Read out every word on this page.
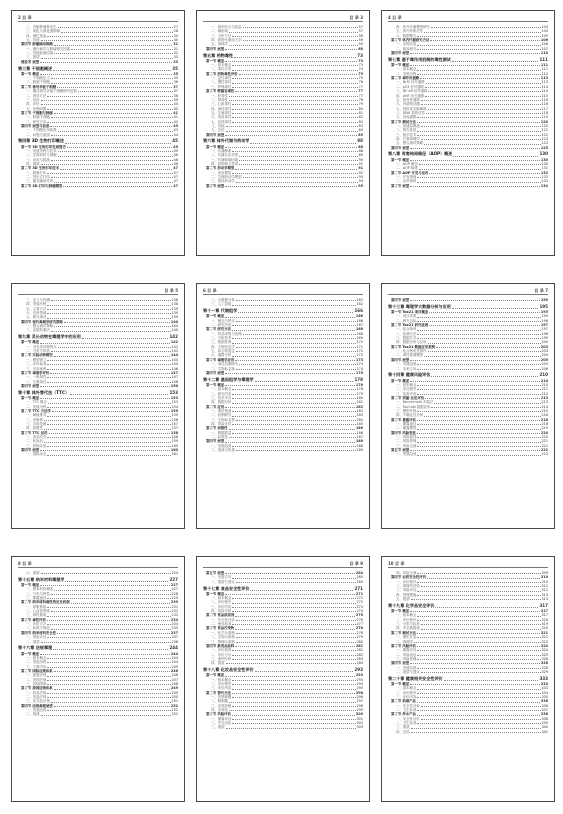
2 目 录
二、内脏肿瘤核发生	27
三、氧化与消化道肿瘤	28
四、淋巴造血	30
五、其他	30
第四节 肿瘤病因推测	31
一、流行病学与肿瘤相关因素	31
二、其他致病因素	32
三、展望	33
理论考 展望	33
第三章 干细胞概述	35
第一节 概述	35
一、干细胞定义	35
二、胚胎干细胞	36
第二节 诱导多能干细胞	37
一、概述诱导多能干细胞研究进展	37
二、诱导方法	38
三、应用	39
四、评价	40
五、伦理问题	40
第三节 干细胞与肿瘤	41
一、肿瘤干细胞	41
二、研究方向	42
第四节 展望与前景	43
一、干细胞应用前景	43
二、问题与展望	44
第四章 3D 生物打印概述	45
第一节 3D 生物打印发展简史	45
一、发展历程与技术	45
二、生物材料与细胞	46
三、应用与挑战	46
四、展望	46
第二节 3D 生物打印技术	47
一、喷墨打印	47
二、挤出式打印	47
三、激光辅助打印	47
第三节 3D 打印与肿瘤模型	47
目 录 3
一、制剂安全与质量	57
二、辅助剂	57
三、分析方法	58
四、药物代谢动力学	59
五、毒理学	59
第四节 展望	60
第五章 药物毒性	73
第一节 概述	73
一、基本概念	73
二、毒性分类	74
第二节 药物毒性评价	75
一、急性毒性	75
二、慢性毒性	76
三、特殊毒性	77
第三节 靶器官毒性	77
一、肝毒性	77
二、肾毒性	78
三、心脏毒性	79
四、神经毒性	80
五、生殖毒性	81
六、免疫毒性	82
七、皮肤毒性	82
八、其他	83
九、总结	84
第四节 展望	85
第六章 体外代谢与药动学	88
第一节 概述	88
一、代谢酶系	88
二、代谢反应类型	89
三、代谢影响因素	90
四、药物相互作用	91
第二节 药动学模型	91
一、房室模型	92
二、生理药动学模型	93
三、群体药动学	94
第三节 展望	95
4 目 录
四、体外代谢模型研究	103
五、体内外相关性	104
六、数据整合	105
第三节 体内代谢研究方法	106
一、动物实验	106
二、临床研究	107
第四节 展望	110
第七章 基于毒作用机制的毒性测试	111
第一节 概述	111
一、基本概念	111
二、发展历程	112
第二节 毒作用通路	113
一、Nrf2 信号通路	113
二、p53 信号通路	114
三、NF-κB 信号通路	114
四、AhR 信号通路	115
五、核受体通路	116
六、内质网应激	116
七、线粒体功能障碍	117
八、DNA 损伤应答	118
九、其他通路	119
第三节 测试方法	120
一、高通量筛选	120
二、报告基因	121
三、组学技术	122
四、计算毒理学	123
五、整合测试策略	124
第四节 展望	125
第八章 有害结局路径（AOP）概述	130
第一节 概述	130
一、AOP 概念	130
二、AOP 构建	131
第二节 AOP 开发与应用	132
一、开发指南	132
二、应用案例	133
第三节 展望	134
目 录 5
三、定义与内涵	138
四、发展历程	138
五、主要方法	139
六、应用领域	139
七、研究现状	139
第四节 现代毒理学研究策略	140
一、整合测试策略	140
二、证据权重法	140
第九章 灵长动物在毒理学中的应用	142
第一节 概述	142
一、灵长类动物特点	142
二、分类与种类	143
第二节 实验动物模型	144
一、模型建立	144
二、评价标准	145
三、应用案例	146
第三节 毒理学评价	147
一、一般毒性	147
二、生殖毒性	148
第四节 展望	150
第十章 体外替代法（TTC）	153
第一节 概述	153
一、TTC 概念	153
二、发展历程	154
第二节 TTC 方法学	155
一、阈值推导	155
二、决策树	156
三、应用范围	157
四、局限性	157
第三节 TTC 应用	158
一、食品安全	158
二、化妆品	159
三、药物杂质	160
第四节 展望	160
一、国际动态	161
6 目 录
二、大数据分析	162
三、人工智能	162
第十一章 代谢组学	166
第一节 概述	166
一、概念与特点	166
二、研究内容	167
第二节 研究方法	168
一、样品采集与处理	168
二、分析技术	169
三、数据处理	170
四、生物信息学	171
五、标志物鉴定	172
六、通路分析	172
第三节 毒理学应用	173
一、毒性机制研究	173
二、生物标志物	174
第四节 展望	175
第十二章 基因组学与毒理学	178
第一节 概述	178
一、基本概念	178
二、研究内容	179
三、技术平台	180
四、数据分析	181
第二节 应用	182
一、毒性预测	182
二、机制研究	183
三、生物标志物	184
四、风险评估	185
第三节 局限性	186
一、数据质量	186
二、标准化	187
第四节 展望	188
一、发展趋势	188
二、挑战与机遇	189
目 录 7
第四节 展望	190
第十三章 毒理学大数据分析与应用	195
第一节 Tox21 项目概述	195
一、项目背景	195
二、研究目标	196
第二节 Tox21 研究进展	197
一、化合物库	197
二、检测方法	198
三、数据共享	199
四、数据分析与应用	200
第三节 Tox21 数据应用案例	203
一、化合物优先排序	203
二、毒性预测模型	204
第四节 展望	205
一、发展趋势	205
二、未来方向	206
第十四章 健康风险评估	210
第一节 概述	210
一、基本概念	210
二、评估程序	211
三、危害识别	212
第二节 剂量-反应评估	213
一、Benchmark 剂量法	213
二、ToxCast 数据应用	214
三、模型外推	215
四、不确定性分析	216
第三节 暴露评估	218
一、暴露途径	218
二、暴露模型	219
第四节 风险表征	220
一、风险描述	220
二、风险管理	221
三、风险交流	221
第五节 展望	222
一、发展趋势	223
8 目 录
六、展望	224
第十五章 纳米材料毒理学	227
第一节 概述	227
一、纳米材料概述	227
二、分类与特性	228
三、暴露途径	229
第二节 纳米材料毒性效应及机制	230
一、呼吸系统	231
二、心血管系统	232
三、神经系统	233
第三节 毒性评价	234
一、评价方法	234
二、标准与规范	235
第四节 纳米材料安全性	237
一、风险评估	237
二、展望	238
第十六章 法规毒理	244
第一节 概述	244
一、基本概念	244
二、发展历程	244
三、主要内容	245
第二节 国际法规体系	246
一、欧盟法规	246
二、美国法规	247
三、其他国家	248
第三节 我国法规体系	249
一、药品法规	249
二、食品法规	250
三、化学品法规	251
第四节 法规毒理展望	252
一、发展趋势	252
二、挑战	252
目 录 9
第五节 展望	264
一、发展方向	265
二、展望与建议	265
第十七章 食品安全性评价	271
第一节 概述	271
一、基本概念	271
二、评价程序	272
三、评价内容	273
四、风险分析	274
第二节 食品添加剂	275
一、安全性评价	276
二、使用标准	277
第三节 食品污染物	278
一、化学污染物	278
二、生物污染物	279
三、物理污染物	280
第四节 新食品原料	281
一、评价原则	281
二、评价方法	282
三、案例分析	283
四、展望	284
第十八章 化妆品安全性评价	293
第一节 概述	293
一、基本概念	293
二、评价程序	294
三、评价内容	295
第二节 替代方法	296
一、皮肤刺激	296
二、眼刺激	297
三、皮肤致敏	298
四、光毒性	299
第三节 风险评估	300
一、暴露评估	301
二、安全边际	302
三、展望	303
10 目 录
四、风险交流	309
第四节 农药安全性评价	310
一、评价程序	310
二、毒理学试验	311
三、风险评估	312
四、管理措施	313
五、展望	314
第十九章 化学品安全评价	317
第一节 概述	317
一、基本概念	317
二、评价程序	318
三、分类与标签	319
四、安全数据表	320
第二节 测试方法	321
一、理化性质	321
二、毒理学	322
第三节 风险评估	324
一、暴露评估	324
二、风险表征	325
三、风险管理	326
第四节 展望	328
一、发展趋势	328
二、展望与建议	329
第二十章 健康相关安全性评价	333
第一节 概述	333
一、基本概念	333
二、评价程序	334
三、评价内容	335
第二节 消毒产品	336
一、安全性评价	336
二、卫生标准	337
第三节 涉水产品	338
一、安全性评价	338
二、卫生标准	339
三、展望	340
四、总结	341
